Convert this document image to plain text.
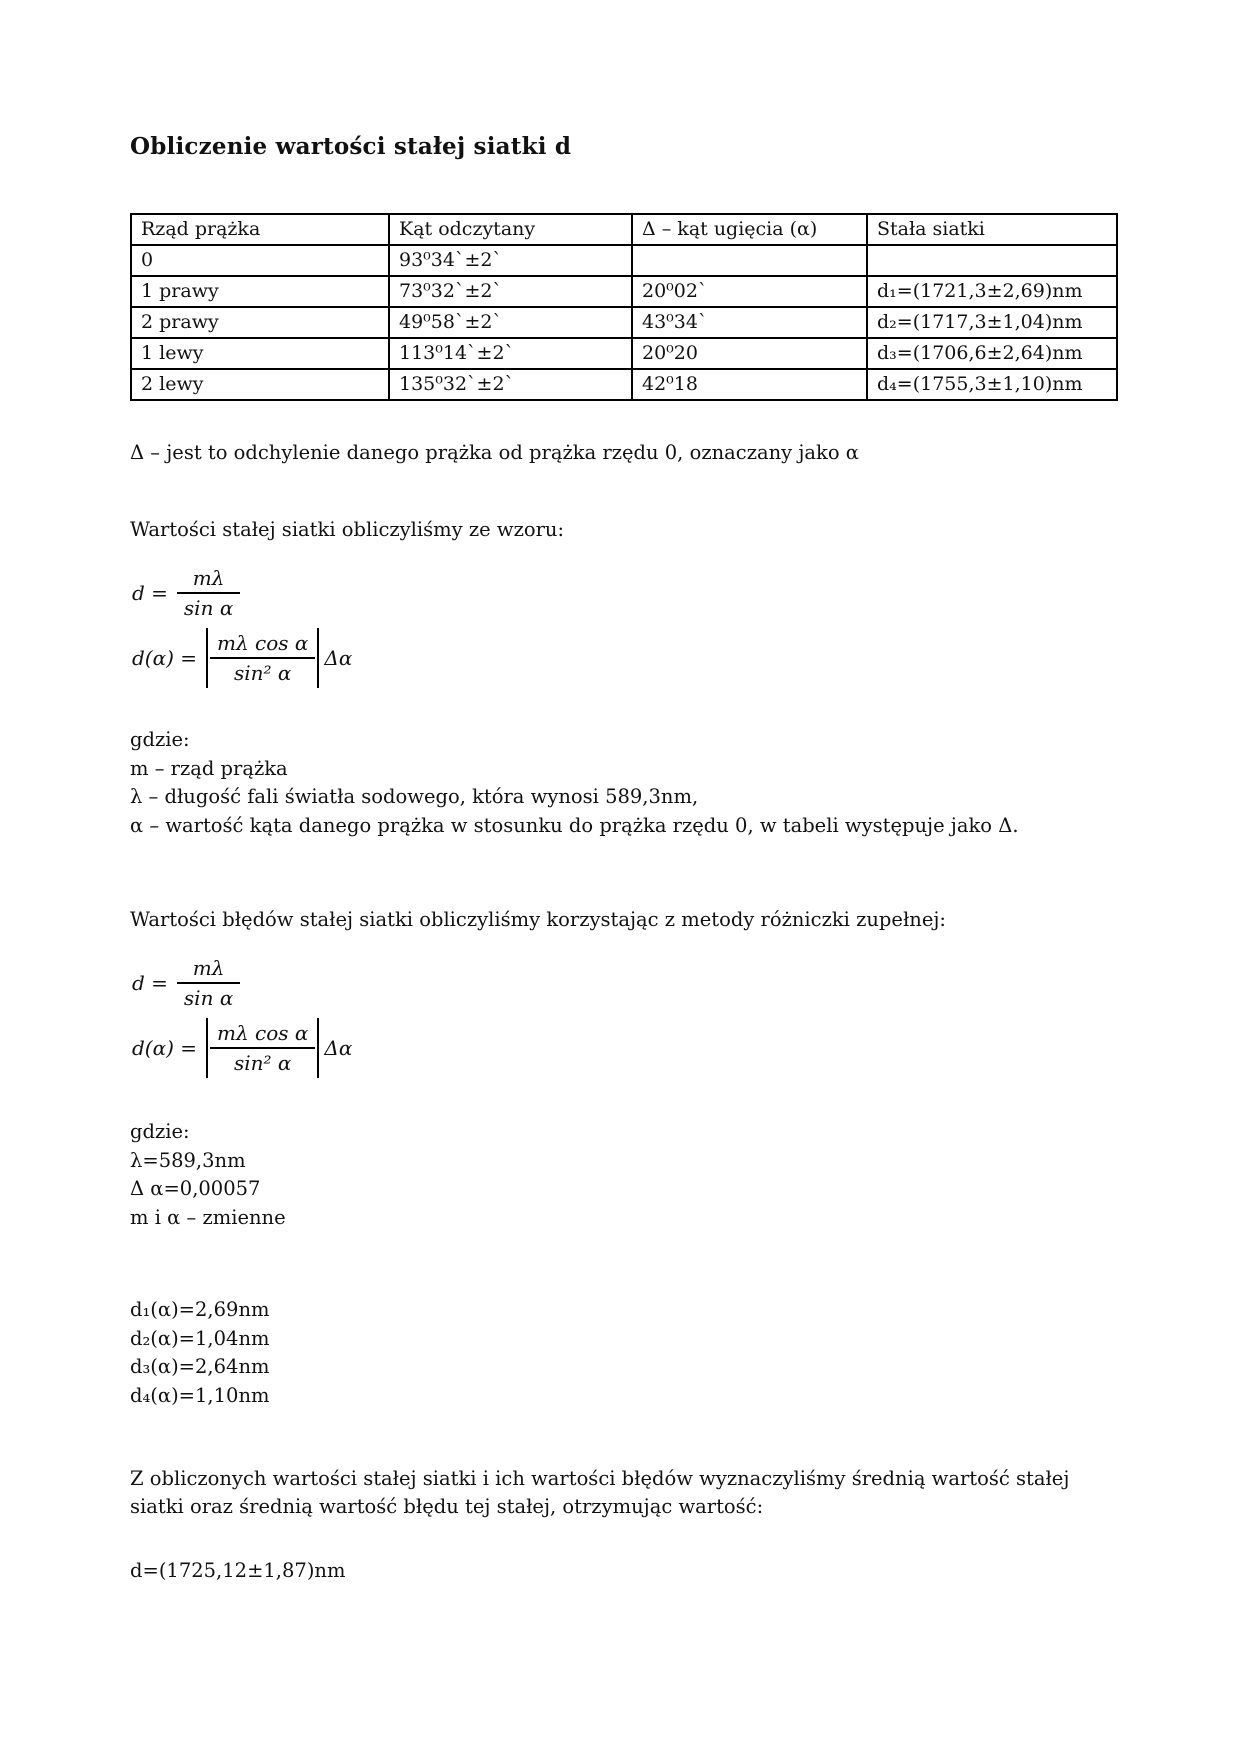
Obliczenie wartości stałej siatki d
Rząd prążka	Kąt odczytany	Δ – kąt ugięcia (α)	Stała siatki
0	93⁰34`±2`		
1 prawy	73⁰32`±2`	20⁰02`	d₁=(1721,3±2,69)nm
2 prawy	49⁰58`±2`	43⁰34`	d₂=(1717,3±1,04)nm
1 lewy	113⁰14`±2`	20⁰20	d₃=(1706,6±2,64)nm
2 lewy	135⁰32`±2`	42⁰18	d₄=(1755,3±1,10)nm

Δ – jest to odchylenie danego prążka od prążka rzędu 0, oznaczany jako α

Wartości stałej siatki obliczyliśmy ze wzoru:

$d = \frac{m\lambda}{\text{sin α}}$
$d(\alpha) = \frac{\text{mλ cos α}}{\text{sin² α}}$ Δα
gdzie:
m – rząd prążka
λ – długość fali światła sodowego, która wynosi 589,3nm,
α – wartość kąta danego prążka w stosunku do prążka rzędu 0, w tabeli występuje jako Δ.

Wartości błędów stałej siatki obliczyliśmy korzystając z metody różniczki zupełnej:

$d = \frac{m\lambda}{\text{sin α}}$
$d(\alpha) = \frac{\text{mλ cos α}}{\text{sin² α}}$ Δα
gdzie:
λ=589,3nm
Δ α=0,00057
m i α – zmienne
d₁(α)=2,69nm
d₂(α)=1,04nm
d₃(α)=2,64nm
d₄(α)=1,10nm

Z obliczonych wartości stałej siatki i ich wartości błędów wyznaczyliśmy średnią wartość stałej siatki oraz średnią wartość błędu tej stałej, otrzymując wartość:

d=(1725,12±1,87)nm
